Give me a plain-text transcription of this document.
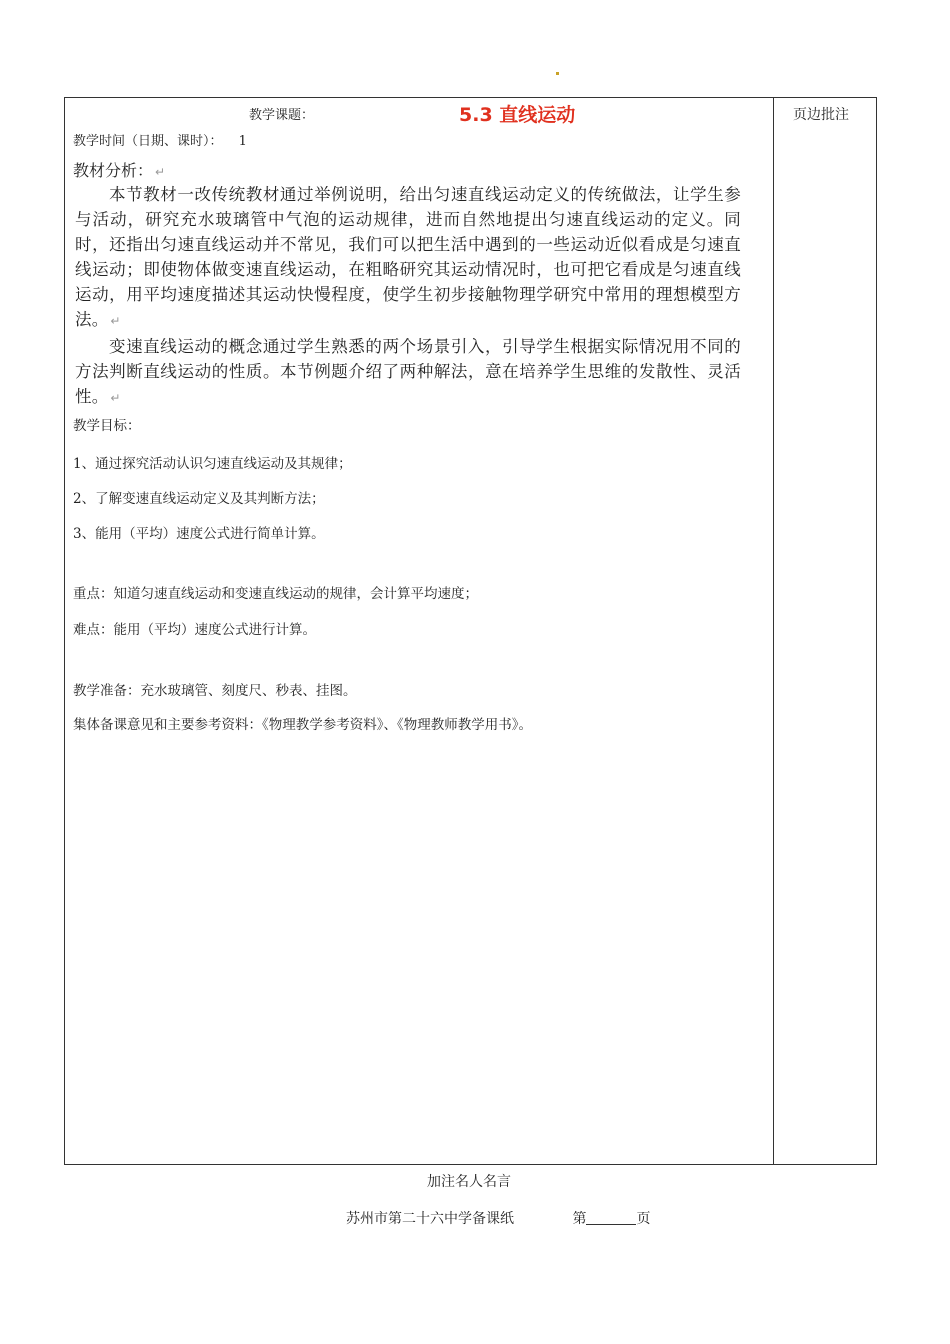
页边批注
教学课题：	5.3 直线运动
教学时间（日期、课时）： 1
教材分析： ↵
本节教材一改传统教材通过举例说明，给出匀速直线运动定义的传统做法，让学生参与活动，研究充水玻璃管中气泡的运动规律，进而自然地提出匀速直线运动的定义。同时，还指出匀速直线运动并不常见，我们可以把生活中遇到的一些运动近似看成是匀速直线运动；即使物体做变速直线运动，在粗略研究其运动情况时，也可把它看成是匀速直线运动，用平均速度描述其运动快慢程度，使学生初步接触物理学研究中常用的理想模型方法。 ↵
变速直线运动的概念通过学生熟悉的两个场景引入，引导学生根据实际情况用不同的方法判断直线运动的性质。本节例题介绍了两种解法，意在培养学生思维的发散性、灵活性。 ↵
教学目标：
1、通过探究活动认识匀速直线运动及其规律；
2、了解变速直线运动定义及其判断方法；
3、能用（平均）速度公式进行简单计算。
重点：知道匀速直线运动和变速直线运动的规律，会计算平均速度；
难点：能用（平均）速度公式进行计算。
教学准备：充水玻璃管、刻度尺、秒表、挂图。
集体备课意见和主要参考资料：《物理教学参考资料》、《物理教师教学用书》。
加注名人名言
苏州市第二十六中学备课纸	第	页
